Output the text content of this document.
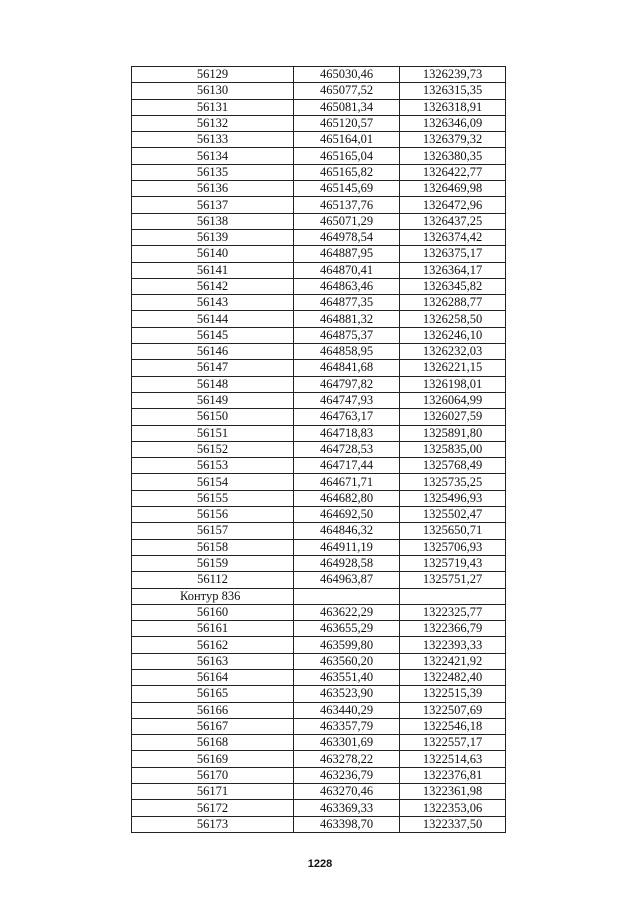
56129	465030,46	1326239,73
56130	465077,52	1326315,35
56131	465081,34	1326318,91
56132	465120,57	1326346,09
56133	465164,01	1326379,32
56134	465165,04	1326380,35
56135	465165,82	1326422,77
56136	465145,69	1326469,98
56137	465137,76	1326472,96
56138	465071,29	1326437,25
56139	464978,54	1326374,42
56140	464887,95	1326375,17
56141	464870,41	1326364,17
56142	464863,46	1326345,82
56143	464877,35	1326288,77
56144	464881,32	1326258,50
56145	464875,37	1326246,10
56146	464858,95	1326232,03
56147	464841,68	1326221,15
56148	464797,82	1326198,01
56149	464747,93	1326064,99
56150	464763,17	1326027,59
56151	464718,83	1325891,80
56152	464728,53	1325835,00
56153	464717,44	1325768,49
56154	464671,71	1325735,25
56155	464682,80	1325496,93
56156	464692,50	1325502,47
56157	464846,32	1325650,71
56158	464911,19	1325706,93
56159	464928,58	1325719,43
56112	464963,87	1325751,27
Контур 836		
56160	463622,29	1322325,77
56161	463655,29	1322366,79
56162	463599,80	1322393,33
56163	463560,20	1322421,92
56164	463551,40	1322482,40
56165	463523,90	1322515,39
56166	463440,29	1322507,69
56167	463357,79	1322546,18
56168	463301,69	1322557,17
56169	463278,22	1322514,63
56170	463236,79	1322376,81
56171	463270,46	1322361,98
56172	463369,33	1322353,06
56173	463398,70	1322337,50
1228
